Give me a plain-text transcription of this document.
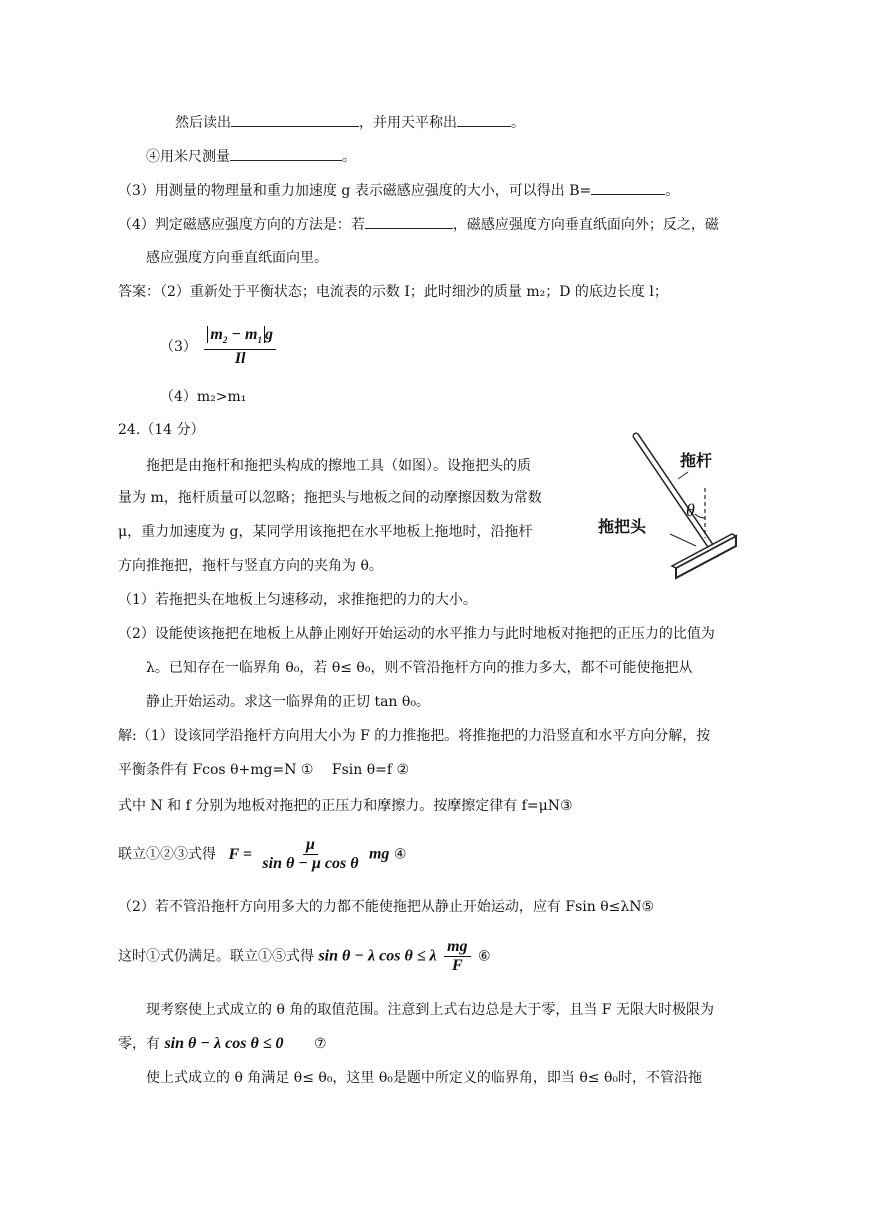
然后读出	，并用天平称出	。
④用米尺测量	。
（3）用测量的物理量和重力加速度 g 表示磁感应强度的大小，可以得出 B=	。
（4）判定磁感应强度方向的方法是：若	，磁感应强度方向垂直纸面向外；反之，磁
感应强度方向垂直纸面向里。
答案：（2）重新处于平衡状态；电流表的示数 I；此时细沙的质量 m₂；D 的底边长度 l；
$(3) \frac{m_2 - m_1 g}{Il}$
（4）m₂>m₁
24.（14 分）
拖把是由拖杆和拖把头构成的擦地工具（如图）。设拖把头的质
量为 m，拖杆质量可以忽略；拖把头与地板之间的动摩擦因数为常数
μ，重力加速度为 g，某同学用该拖把在水平地板上拖地时，沿拖杆
方向推拖把，拖杆与竖直方向的夹角为 θ。
（1）若拖把头在地板上匀速移动，求推拖把的力的大小。
（2）设能使该拖把在地板上从静止刚好开始运动的水平推力与此时地板对拖把的正压力的比值为
λ。已知存在一临界角 θ₀，若 θ≤ θ₀，则不管沿拖杆方向的推力多大，都不可能使拖把从
静止开始运动。求这一临界角的正切 tan θ₀。
解:（1）设该同学沿拖杆方向用大小为 F 的力推拖把。将推拖把的力沿竖直和水平方向分解，按
平衡条件有 Fcos θ+mg=N ①　 Fsin θ=f ②
式中 N 和 f 分别为地板对拖把的正压力和摩擦力。按摩擦定律有 f=μN③
联立①②③式得 $F = \frac{\mu}{\text{sin θ − μ cos θ}}$ mg ④
（2）若不管沿拖杆方向用多大的力都不能使拖把从静止开始运动，应有 Fsin θ≤λN⑤
这时①式仍满足。联立①⑤式得 sin θ − λ cos θ ≤ λ $\frac{mg}{F}$ ⑥
现考察使上式成立的 θ 角的取值范围。注意到上式右边总是大于零，且当 F 无限大时极限为
零，有 sin θ − λ cos θ ≤ 0 ⑦
使上式成立的 θ 角满足 θ≤ θ₀，这里 θ₀是题中所定义的临界角，即当 θ≤ θ₀时，不管沿拖
拖杆
θ
拖把头
